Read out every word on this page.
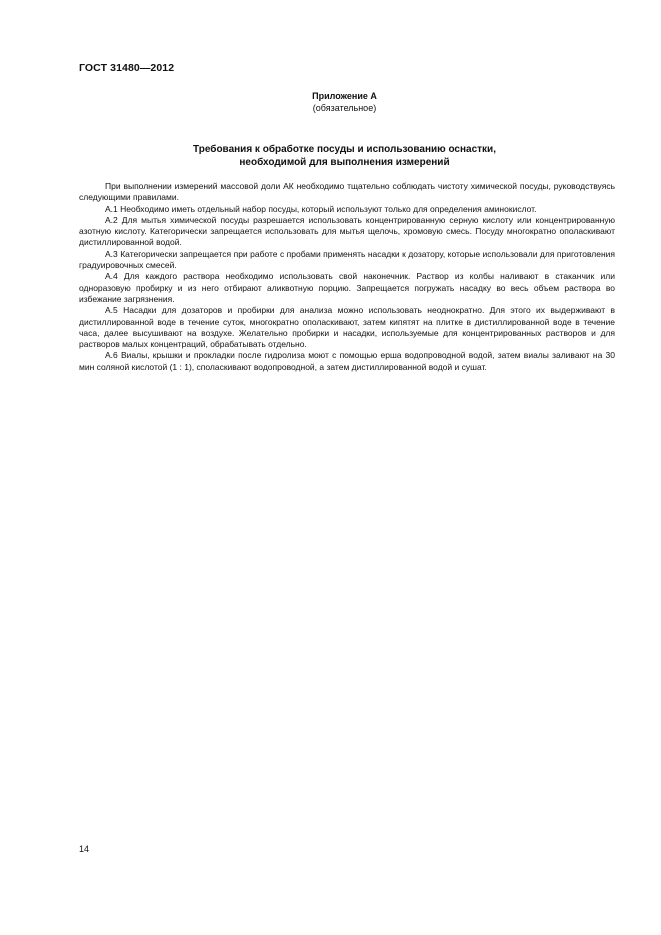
ГОСТ 31480—2012
Приложение А
(обязательное)
Требования к обработке посуды и использованию оснастки,
необходимой для выполнения измерений

При выполнении измерений массовой доли АК необходимо тщательно соблюдать чистоту химической посуды, руководствуясь следующими правилами.

А.1 Необходимо иметь отдельный набор посуды, который используют только для определения аминокислот.

А.2 Для мытья химической посуды разрешается использовать концентрированную серную кислоту или концентрированную азотную кислоту. Категорически запрещается использовать для мытья щелочь, хромовую смесь. Посуду многократно ополаскивают дистиллированной водой.

А.3 Категорически запрещается при работе с пробами применять насадки к дозатору, которые использовали для приготовления градуировочных смесей.

А.4 Для каждого раствора необходимо использовать свой наконечник. Раствор из колбы наливают в стаканчик или одноразовую пробирку и из него отбирают аликвотную порцию. Запрещается погружать насадку во весь объем раствора во избежание загрязнения.

А.5 Насадки для дозаторов и пробирки для анализа можно использовать неоднократно. Для этого их выдерживают в дистиллированной воде в течение суток, многократно ополаскивают, затем кипятят на плитке в дистиллированной воде в течение часа, далее высушивают на воздухе. Желательно пробирки и насадки, используемые для концентрированных растворов и для растворов малых концентраций, обрабатывать отдельно.

А.6 Виалы, крышки и прокладки после гидролиза моют с помощью ерша водопроводной водой, затем виалы заливают на 30 мин соляной кислотой (1 : 1), споласкивают водопроводной, а затем дистиллированной водой и сушат.

14
